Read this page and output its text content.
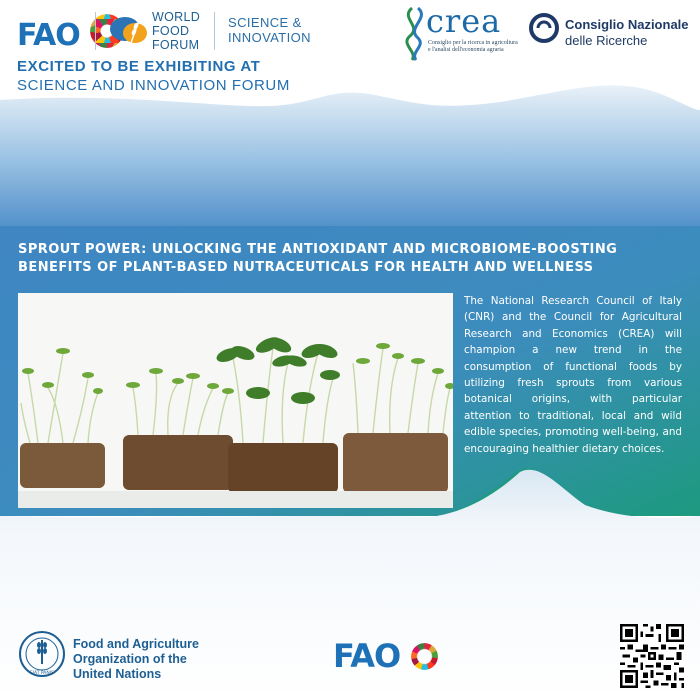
FAO
WORLD
FOOD
FORUM
SCIENCE &
INNOVATION	crea
Consiglio per la ricerca in agricoltura
e l'analisi dell'economia agraria
Consiglio Nazionale
delle Ricerche
EXCITED TO BE EXHIBITING AT
SCIENCE AND INNOVATION FORUM
SPROUT POWER: UNLOCKING THE ANTIOXIDANT AND MICROBIOME-BOOSTING
BENEFITS OF PLANT-BASED NUTRACEUTICALS FOR HEALTH AND WELLNESS
The National Research Council of Italy (CNR) and the Council for Agricultural Research and Economics (CREA) will champion a new trend in the consumption of functional foods by utilizing fresh sprouts from various botanical origins, with particular attention to traditional, local and wild edible species, promoting well-being, and encouraging healthier dietary choices.
FIAT PANIS
Food and Agriculture
Organization of the
United Nations	FAO
